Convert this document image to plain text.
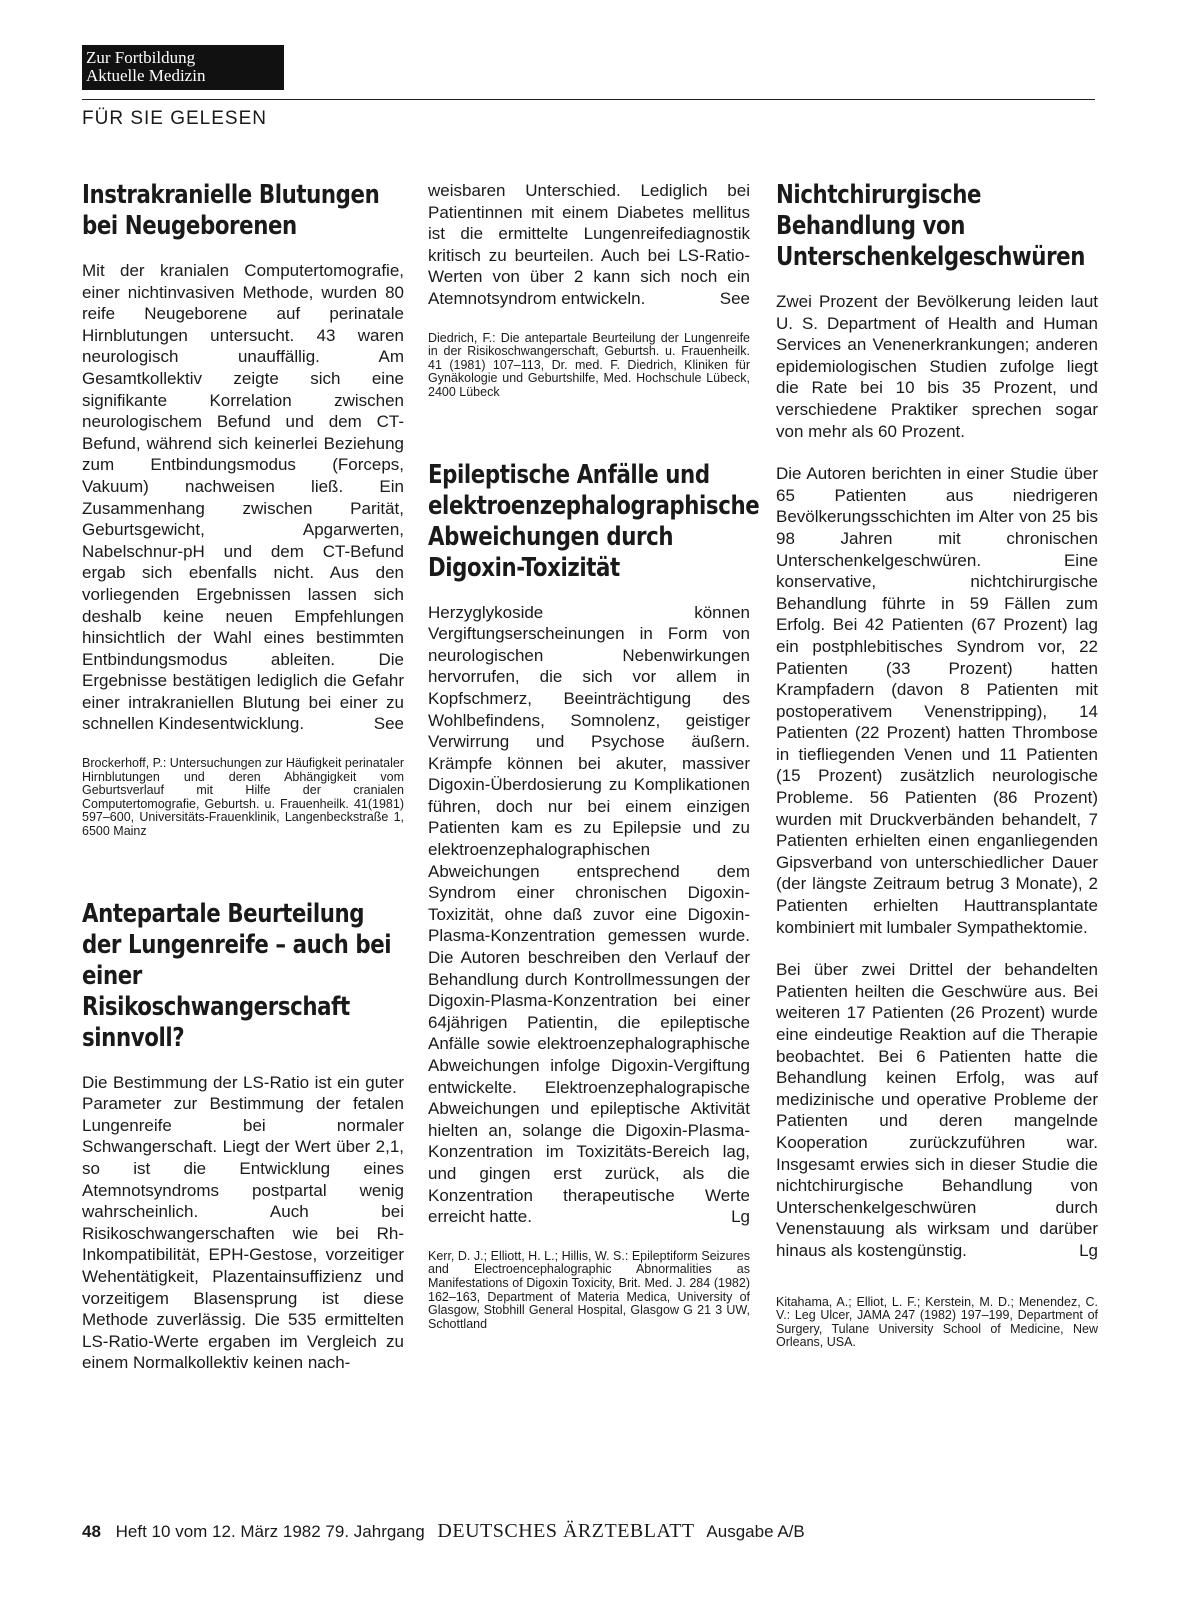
Zur Fortbildung
Aktuelle Medizin
FÜR SIE GELESEN
Instrakranielle Blutungen bei Neugeborenen

Mit der kranialen Computertomografie, einer nichtinvasiven Methode, wurden 80 reife Neugeborene auf perinatale Hirnblutungen untersucht. 43 waren neurologisch unauffällig. Am Gesamtkollektiv zeigte sich eine signifikante Korrelation zwischen neurologischem Befund und dem CT-Befund, während sich keinerlei Beziehung zum Entbindungsmodus (Forceps, Vakuum) nachweisen ließ. Ein Zusammenhang zwischen Parität, Geburtsgewicht, Apgarwerten, Nabelschnur-pH und dem CT-Befund ergab sich ebenfalls nicht. Aus den vorliegenden Ergebnissen lassen sich deshalb keine neuen Empfehlungen hinsichtlich der Wahl eines bestimmten Entbindungsmodus ableiten. Die Ergebnisse bestätigen lediglich die Gefahr einer intrakraniellen Blutung bei einer zu schnellen Kindesentwicklung.	See

Brockerhoff, P.: Untersuchungen zur Häufigkeit perinataler Hirnblutungen und deren Abhängigkeit vom Geburtsverlauf mit Hilfe der cranialen Computertomografie, Geburtsh. u. Frauenheilk. 41(1981) 597–600, Universitäts-Frauenklinik, Langenbeckstraße 1, 6500 Mainz

Antepartale Beurteilung der Lungenreife – auch bei einer Risikoschwangerschaft sinnvoll?

Die Bestimmung der LS-Ratio ist ein guter Parameter zur Bestimmung der fetalen Lungenreife bei normaler Schwangerschaft. Liegt der Wert über 2,1, so ist die Entwicklung eines Atemnotsyndroms postpartal wenig wahrscheinlich. Auch bei Risikoschwangerschaften wie bei Rh-Inkompatibilität, EPH-Gestose, vorzeitiger Wehentätigkeit, Plazentainsuffizienz und vorzeitigem Blasensprung ist diese Methode zuverlässig. Die 535 ermittelten LS-Ratio-Werte ergaben im Vergleich zu einem Normalkollektiv keinen nach-

weisbaren Unterschied. Lediglich bei Patientinnen mit einem Diabetes mellitus ist die ermittelte Lungenreifediagnostik kritisch zu beurteilen. Auch bei LS-Ratio-Werten von über 2 kann sich noch ein Atemnotsyndrom entwickeln.	See

Diedrich, F.: Die antepartale Beurteilung der Lungenreife in der Risikoschwangerschaft, Geburtsh. u. Frauenheilk. 41 (1981) 107–113, Dr. med. F. Diedrich, Kliniken für Gynäkologie und Geburtshilfe, Med. Hochschule Lübeck, 2400 Lübeck

Epileptische Anfälle und elektroenzephalographische Abweichungen durch Digoxin-Toxizität

Herzyglykoside können Vergiftungserscheinungen in Form von neurologischen Nebenwirkungen hervorrufen, die sich vor allem in Kopfschmerz, Beeinträchtigung des Wohlbefindens, Somnolenz, geistiger Verwirrung und Psychose äußern. Krämpfe können bei akuter, massiver Digoxin-Überdosierung zu Komplikationen führen, doch nur bei einem einzigen Patienten kam es zu Epilepsie und zu elektroenzephalographischen Abweichungen entsprechend dem Syndrom einer chronischen Digoxin-Toxizität, ohne daß zuvor eine Digoxin-Plasma-Konzentration gemessen wurde. Die Autoren beschreiben den Verlauf der Behandlung durch Kontrollmessungen der Digoxin-Plasma-Konzentration bei einer 64jährigen Patientin, die epileptische Anfälle sowie elektroenzephalographische Abweichungen infolge Digoxin-Vergiftung entwickelte. Elektroenzephalograpische Abweichungen und epileptische Aktivität hielten an, solange die Digoxin-Plasma-Konzentration im Toxizitäts-Bereich lag, und gingen erst zurück, als die Konzentration therapeutische Werte erreicht hatte.	Lg

Kerr, D. J.; Elliott, H. L.; Hillis, W. S.: Epileptiform Seizures and Electroencephalographic Abnormalities as Manifestations of Digoxin Toxicity, Brit. Med. J. 284 (1982) 162–163, Department of Materia Medica, University of Glasgow, Stobhill General Hospital, Glasgow G 21 3 UW, Schottland

Nichtchirurgische Behandlung von Unterschenkelgeschwüren

Zwei Prozent der Bevölkerung leiden laut U. S. Department of Health and Human Services an Venenerkrankungen; anderen epidemiologischen Studien zufolge liegt die Rate bei 10 bis 35 Prozent, und verschiedene Praktiker sprechen sogar von mehr als 60 Prozent.

Die Autoren berichten in einer Studie über 65 Patienten aus niedrigeren Bevölkerungsschichten im Alter von 25 bis 98 Jahren mit chronischen Unterschenkelgeschwüren. Eine konservative, nichtchirurgische Behandlung führte in 59 Fällen zum Erfolg. Bei 42 Patienten (67 Prozent) lag ein postphlebitisches Syndrom vor, 22 Patienten (33 Prozent) hatten Krampfadern (davon 8 Patienten mit postoperativem Venenstripping), 14 Patienten (22 Prozent) hatten Thrombose in tiefliegenden Venen und 11 Patienten (15 Prozent) zusätzlich neurologische Probleme. 56 Patienten (86 Prozent) wurden mit Druckverbänden behandelt, 7 Patienten erhielten einen enganliegenden Gipsverband von unterschiedlicher Dauer (der längste Zeitraum betrug 3 Monate), 2 Patienten erhielten Hauttransplantate kombiniert mit lumbaler Sympathektomie.

Bei über zwei Drittel der behandelten Patienten heilten die Geschwüre aus. Bei weiteren 17 Patienten (26 Prozent) wurde eine eindeutige Reaktion auf die Therapie beobachtet. Bei 6 Patienten hatte die Behandlung keinen Erfolg, was auf medizinische und operative Probleme der Patienten und deren mangelnde Kooperation zurückzuführen war. Insgesamt erwies sich in dieser Studie die nichtchirurgische Behandlung von Unterschenkelgeschwüren durch Venenstauung als wirksam und darüber hinaus als kostengünstig.	Lg

Kitahama, A.; Elliot, L. F.; Kerstein, M. D.; Menendez, C. V.: Leg Ulcer, JAMA 247 (1982) 197–199, Department of Surgery, Tulane University School of Medicine, New Orleans, USA.

48 Heft 10 vom 12. März 1982 79. Jahrgang DEUTSCHES ÄRZTEBLATT Ausgabe A/B
